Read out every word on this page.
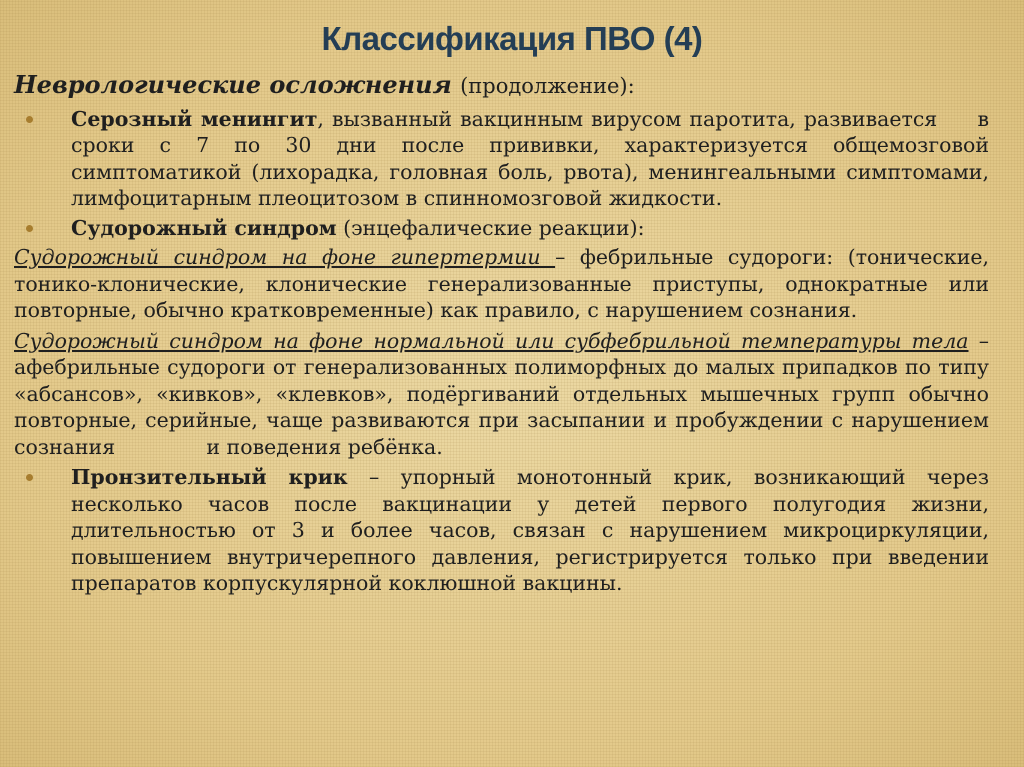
Классификация ПВО (4)
Неврологические осложнения (продолжение):
Серозный менингит, вызванный вакцинным вирусом паротита, развивается     в сроки с 7 по 30 дни после прививки, характеризуется общемозговой симптоматикой (лихорадка, головная боль, рвота), менингеальными симптомами, лимфоцитарным плеоцитозом в спинномозговой жидкости.
Судорожный синдром (энцефалические реакции):
Судорожный синдром на фоне гипертермии – фебрильные судороги: (тонические, тонико-клонические, клонические генерализованные приступы, однократные или повторные, обычно кратковременные) как правило, с нарушением сознания.
Судорожный синдром на фоне нормальной или субфебрильной температуры тела – афебрильные судороги от генерализованных полиморфных до малых припадков по типу «абсансов», «кивков», «клевков», подёргиваний отдельных мышечных групп обычно повторные, серийные, чаще развиваются при засыпании и пробуждении с нарушением сознания              и поведения ребёнка.
Пронзительный крик – упорный монотонный крик, возникающий через несколько часов после вакцинации у детей первого полугодия жизни, длительностью от 3 и более часов, связан с нарушением микроциркуляции, повышением внутричерепного давления, регистрируется только при введении препаратов корпускулярной коклюшной вакцины.
